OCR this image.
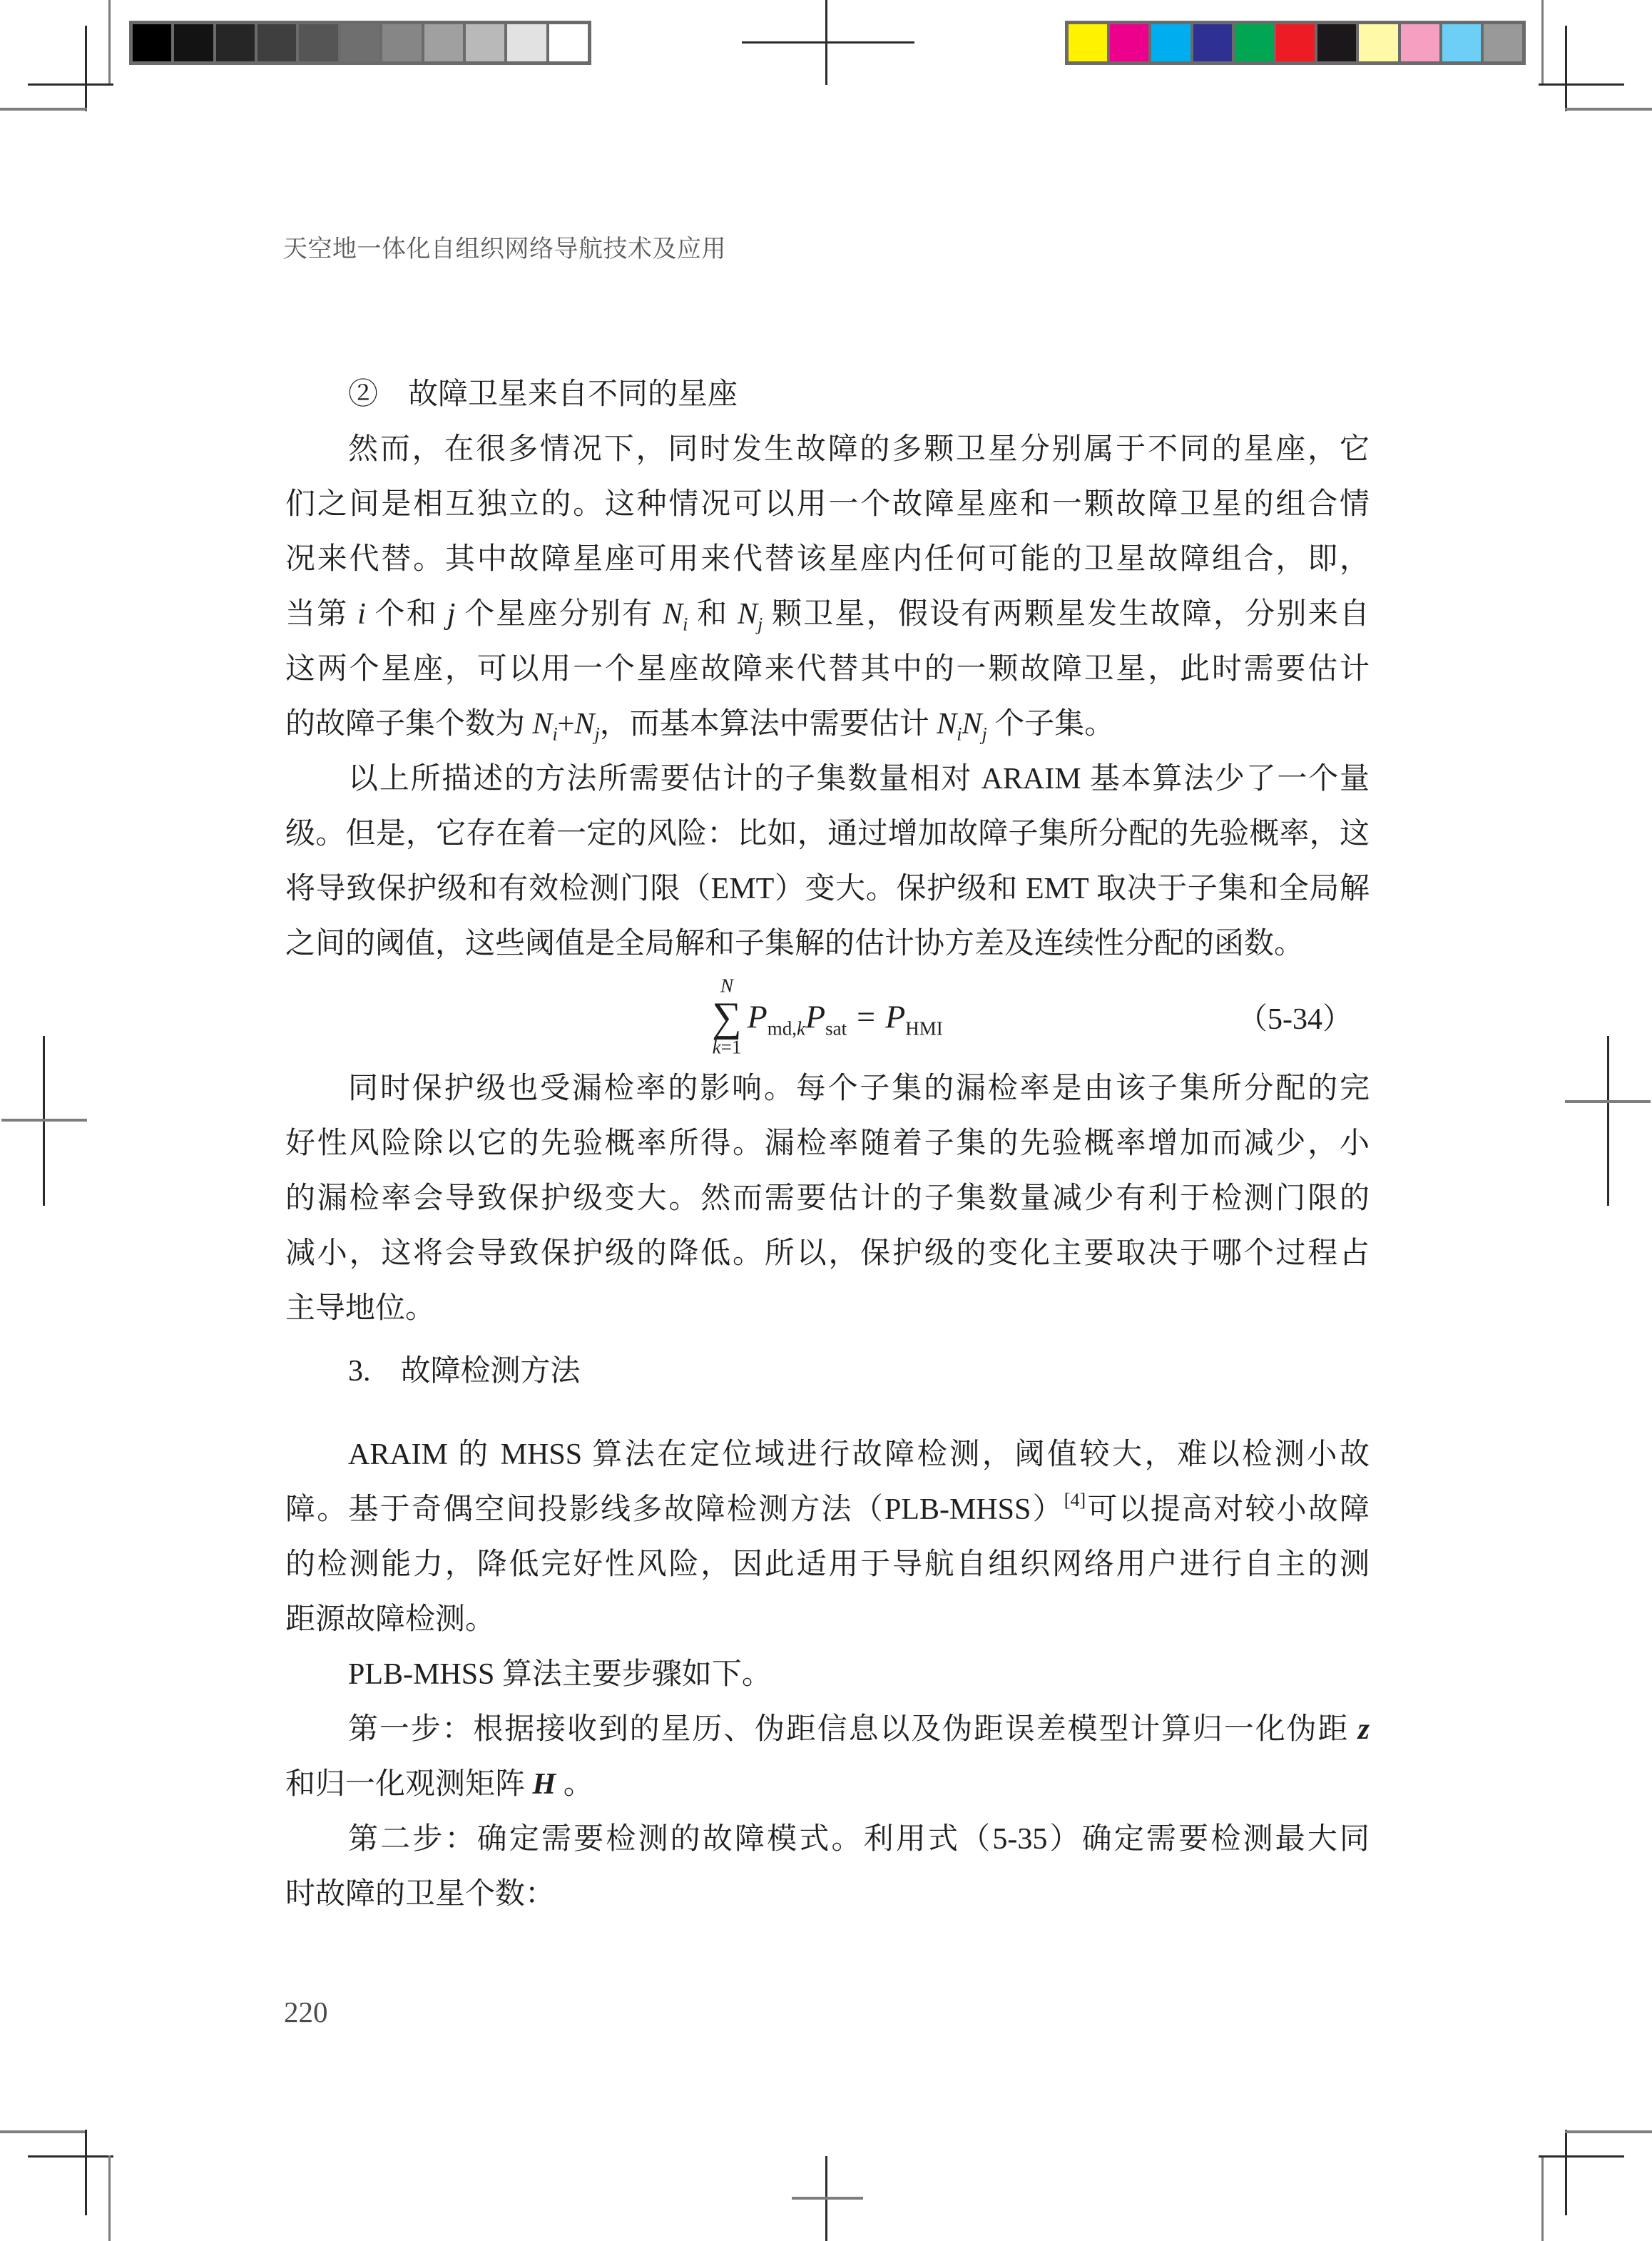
天空地一体化自组织网络导航技术及应用
②　故障卫星来自不同的星座
然而，在很多情况下，同时发生故障的多颗卫星分别属于不同的星座，它
们之间是相互独立的。这种情况可以用一个故障星座和一颗故障卫星的组合情
况来代替。其中故障星座可用来代替该星座内任何可能的卫星故障组合，即，
当第 i 个和 j 个星座分别有 $N_i$ 和 $N_j$ 颗卫星，假设有两颗星发生故障，分别来自
这两个星座，可以用一个星座故障来代替其中的一颗故障卫星，此时需要估计
的故障子集个数为 $N_i+N_j$，而基本算法中需要估计 $N_iN_j$ 个子集。
以上所描述的方法所需要估计的子集数量相对 ARAIM 基本算法少了一个量
级。但是，它存在着一定的风险：比如，通过增加故障子集所分配的先验概率，这
将导致保护级和有效检测门限（EMT）变大。保护级和 EMT 取决于子集和全局解
之间的阈值，这些阈值是全局解和子集解的估计协方差及连续性分配的函数。
N
∑
k=1
$P_{md,k}P_{sat} = P_{HMI}$	（5-34）
同时保护级也受漏检率的影响。每个子集的漏检率是由该子集所分配的完
好性风险除以它的先验概率所得。漏检率随着子集的先验概率增加而减少，小
的漏检率会导致保护级变大。然而需要估计的子集数量减少有利于检测门限的
减小，这将会导致保护级的降低。所以，保护级的变化主要取决于哪个过程占
主导地位。
3.　故障检测方法
ARAIM 的 MHSS 算法在定位域进行故障检测，阈值较大，难以检测小故
障。基于奇偶空间投影线多故障检测方法（PLB-MHSS）[4]可以提高对较小故障
的检测能力，降低完好性风险，因此适用于导航自组织网络用户进行自主的测
距源故障检测。
PLB-MHSS 算法主要步骤如下。
第一步：根据接收到的星历、伪距信息以及伪距误差模型计算归一化伪距 z
和归一化观测矩阵 H 。
第二步：确定需要检测的故障模式。利用式（5-35）确定需要检测最大同
时故障的卫星个数：
220
